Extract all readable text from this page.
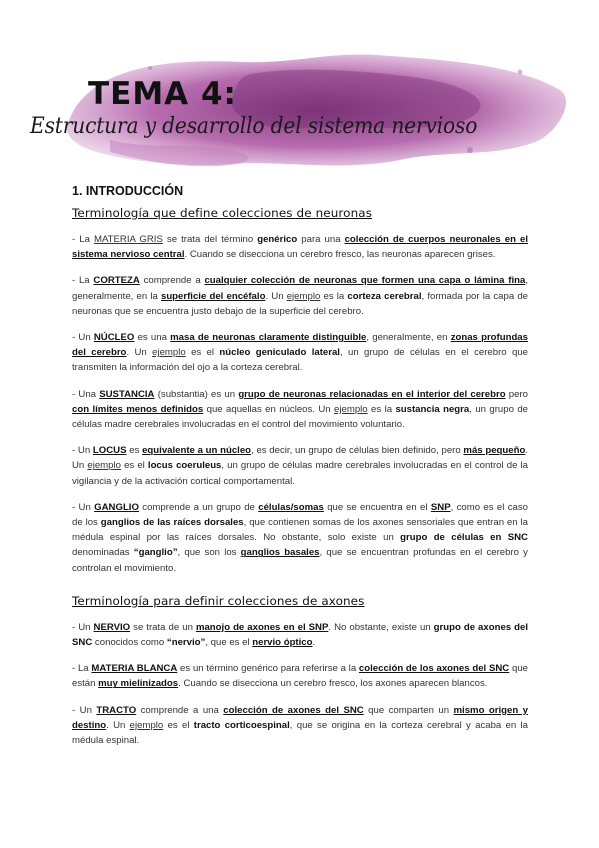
TEMA 4:
Estructura y desarrollo del sistema nervioso
1. INTRODUCCIÓN
Terminología que define colecciones de neuronas

- La MATERIA GRIS se trata del término genérico para una colección de cuerpos neuronales en el sistema nervioso central. Cuando se disecciona un cerebro fresco, las neuronas aparecen grises.

- La CORTEZA comprende a cualquier colección de neuronas que formen una capa o lámina fina, generalmente, en la superficie del encéfalo. Un ejemplo es la corteza cerebral, formada por la capa de neuronas que se encuentra justo debajo de la superficie del cerebro.

- Un NÚCLEO es una masa de neuronas claramente distinguible, generalmente, en zonas profundas del cerebro. Un ejemplo es el núcleo geniculado lateral, un grupo de células en el cerebro que transmiten la información del ojo a la corteza cerebral.

- Una SUSTANCIA (substantia) es un grupo de neuronas relacionadas en el interior del cerebro pero con límites menos definidos que aquellas en núcleos. Un ejemplo es la sustancia negra, un grupo de células madre cerebrales involucradas en el control del movimiento voluntario.

- Un LOCUS es equivalente a un núcleo, es decir, un grupo de células bien definido, pero más pequeño. Un ejemplo es el locus coeruleus, un grupo de células madre cerebrales involucradas en el control de la vigilancia y de la activación cortical comportamental.

- Un GANGLIO comprende a un grupo de células/somas que se encuentra en el SNP, como es el caso de los ganglios de las raíces dorsales, que contienen somas de los axones sensoriales que entran en la médula espinal por las raíces dorsales. No obstante, solo existe un grupo de células en SNC denominadas “ganglio”, que son los ganglios basales, que se encuentran profundas en el cerebro y controlan el movimiento.

Terminología para definir colecciones de axones

- Un NERVIO se trata de un manojo de axones en el SNP. No obstante, existe un grupo de axones del SNC conocidos como “nervio”, que es el nervio óptico.

- La MATERIA BLANCA es un término genérico para referirse a la colección de los axones del SNC que están muy mielinizados. Cuando se disecciona un cerebro fresco, los axones aparecen blancos.

- Un TRACTO comprende a una colección de axones del SNC que comparten un mismo origen y destino. Un ejemplo es el tracto corticoespinal, que se origina en la corteza cerebral y acaba en la médula espinal.
